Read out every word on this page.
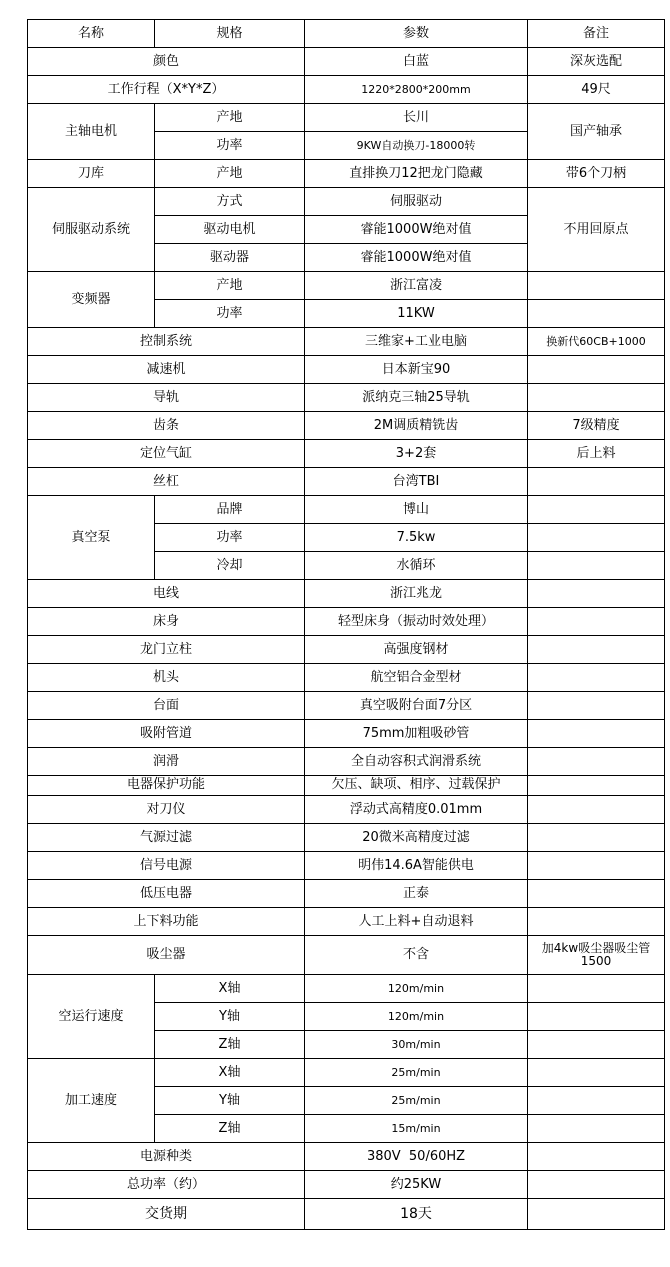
名称	规格	参数	备注
颜色		白蓝	深灰选配
工作行程（X*Y*Z）		1220*2800*200mm	49尺
主轴电机	产地	长川	国产轴承
	功率	9KW自动换刀-18000转	
刀库	产地	直排换刀12把龙门隐藏	带6个刀柄
伺服驱动系统	方式	伺服驱动	不用回原点
	驱动电机	睿能1000W绝对值	
	驱动器	睿能1000W绝对值	
变频器	产地	浙江富凌	
	功率	11KW	
控制系统		三维家+工业电脑	换新代60CB+1000
减速机		日本新宝90	
导轨		派纳克三轴25导轨	
齿条		2M调质精铣齿	7级精度
定位气缸		3+2套	后上料
丝杠		台湾TBI	
真空泵	品牌	博山	
	功率	7.5kw	
	冷却	水循环	
电线		浙江兆龙	
床身		轻型床身（振动时效处理）	
龙门立柱		高强度钢材	
机头		航空铝合金型材	
台面		真空吸附台面7分区	
吸附管道		75mm加粗吸砂管	
润滑		全自动容积式润滑系统	
电器保护功能		欠压、缺项、相序、过载保护	
对刀仪		浮动式高精度0.01mm	
气源过滤		20微米高精度过滤	
信号电源		明伟14.6A智能供电	
低压电器		正泰	
上下料功能		人工上料+自动退料	
吸尘器		不含	加4kw吸尘器吸尘管1500
空运行速度	X轴	120m/min	
	Y轴	120m/min	
	Z轴	30m/min	
加工速度	X轴	25m/min	
	Y轴	25m/min	
	Z轴	15m/min	
电源种类		380V  50/60HZ	
总功率（约）		约25KW	
交货期		18天	
